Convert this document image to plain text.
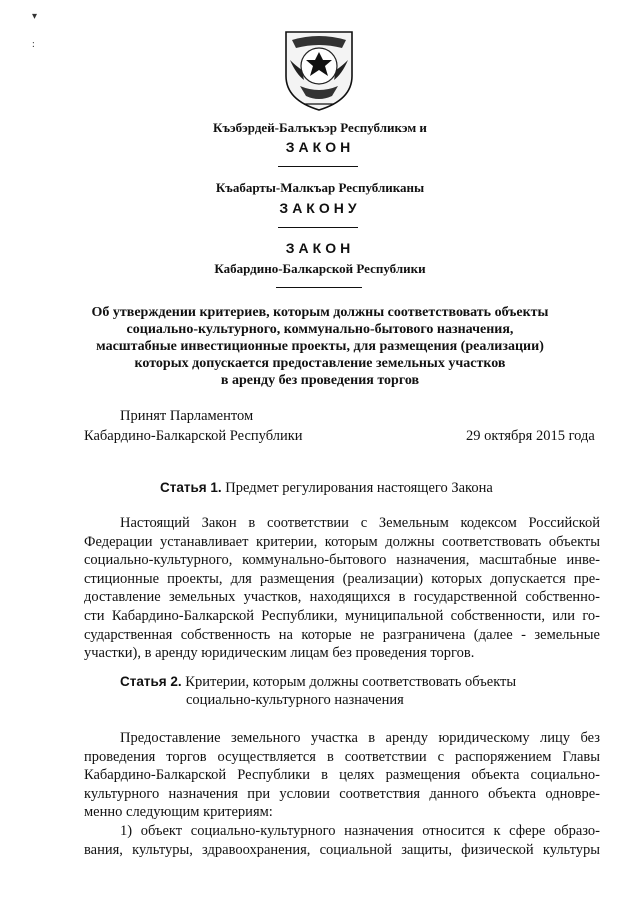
▾
:
Къэбэрдей-Балъкъэр Республикэм и
ЗАКОН
Къабарты-Малкъар Республиканы
ЗАКОНУ
ЗАКОН
Кабардино-Балкарской Республики
Об утверждении критериев, которым должны соответствовать объекты
социально-культурного, коммунально-бытового назначения,
масштабные инвестиционные проекты, для размещения (реализации)
которых допускается предоставление земельных участков
в аренду без проведения торгов
Принят Парламентом
Кабардино-Балкарской Республики	29 октября 2015 года
Статья 1. Предмет регулирования настоящего Закона
Настоящий Закон в соответствии с Земельным кодексом Российской
Федерации устанавливает критерии, которым должны соответствовать объекты
социально-культурного, коммунально-бытового назначения, масштабные инве-
стиционные проекты, для размещения (реализации) которых допускается пре-
доставление земельных участков, находящихся в государственной собственно-
сти Кабардино-Балкарской Республики, муниципальной собственности, или го-
сударственная собственность на которые не разграничена (далее - земельные
участки), в аренду юридическим лицам без проведения торгов.
Статья 2. Критерии, которым должны соответствовать объекты
социально-культурного назначения
Предоставление земельного участка в аренду юридическому лицу без
проведения торгов осуществляется в соответствии с распоряжением Главы
Кабардино-Балкарской Республики в целях размещения объекта социально-
культурного назначения при условии соответствия данного объекта одновре-
менно следующим критериям:
1) объект социально-культурного назначения относится к сфере образо-
вания, культуры, здравоохранения, социальной защиты, физической культуры
